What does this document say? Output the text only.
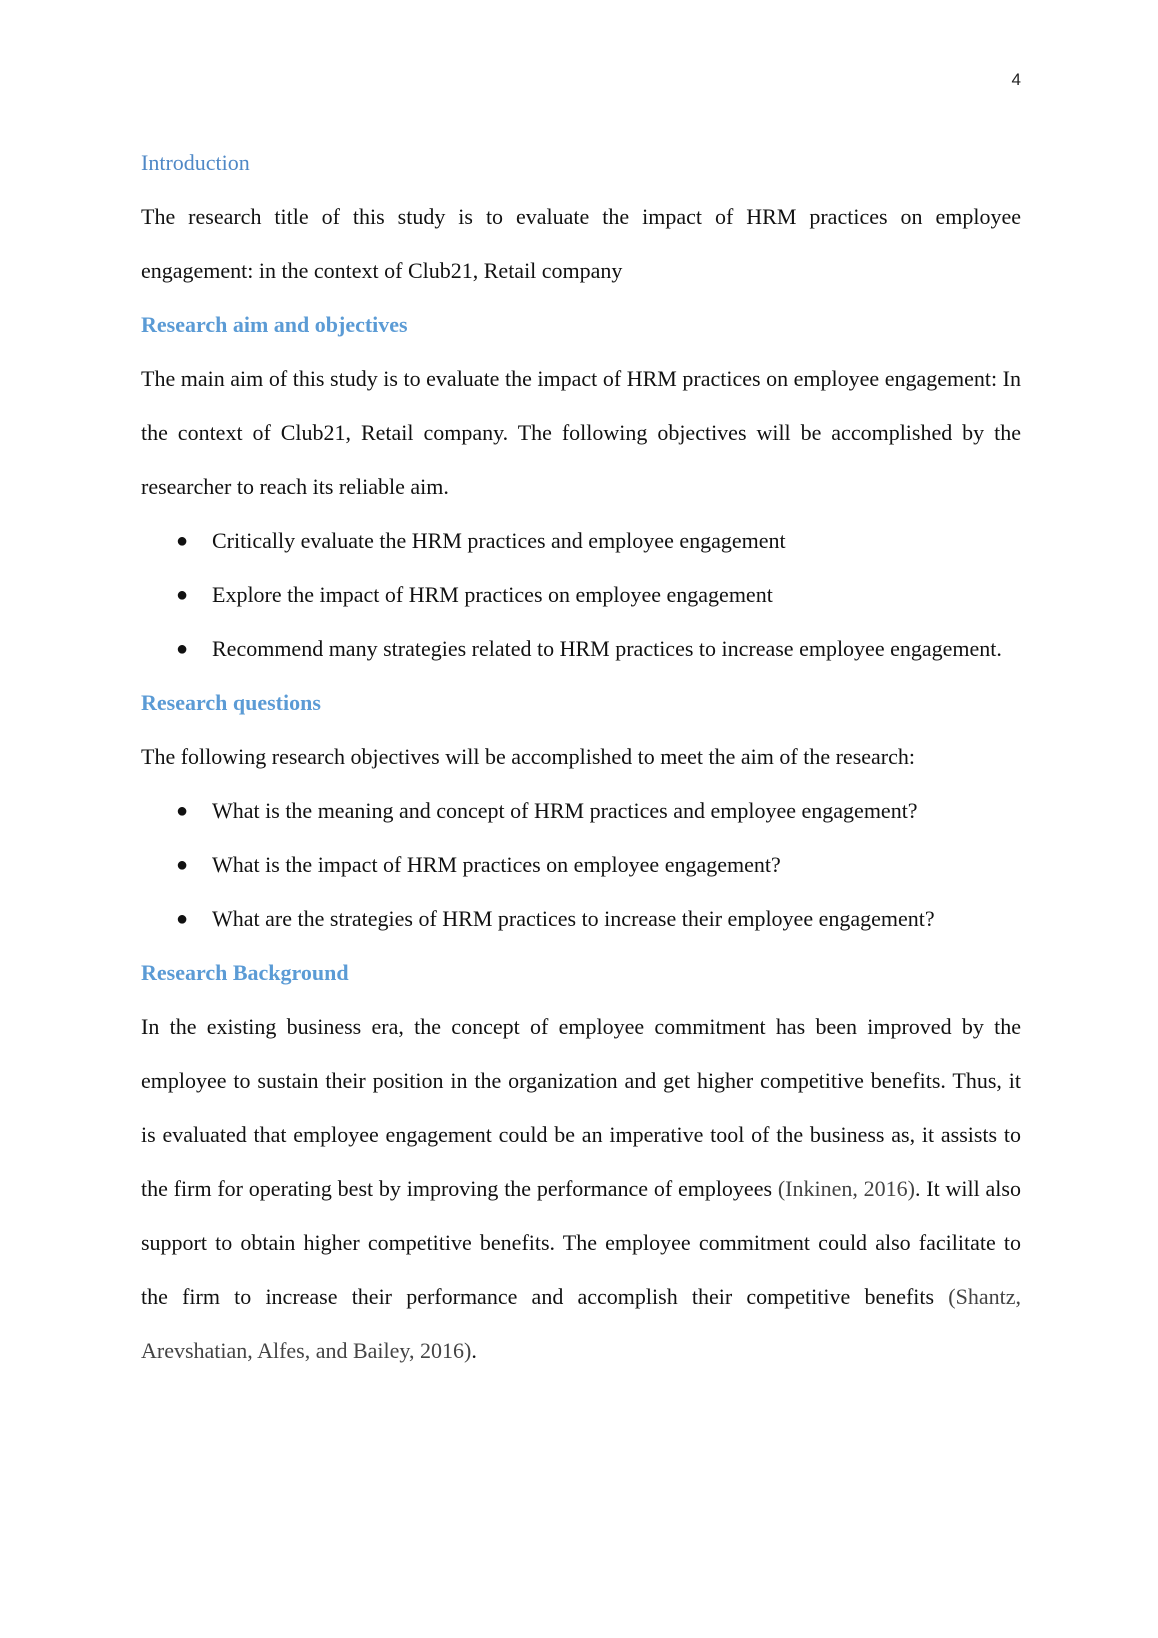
4
Introduction

The research title of this study is to evaluate the impact of HRM practices on employee engagement: in the context of Club21, Retail company

Research aim and objectives

The main aim of this study is to evaluate the impact of HRM practices on employee engagement: In the context of Club21, Retail company. The following objectives will be accomplished by the researcher to reach its reliable aim.

● Critically evaluate the HRM practices and employee engagement
● Explore the impact of HRM practices on employee engagement
● Recommend many strategies related to HRM practices to increase employee engagement.
Research questions

The following research objectives will be accomplished to meet the aim of the research:

● What is the meaning and concept of HRM practices and employee engagement?
● What is the impact of HRM practices on employee engagement?
● What are the strategies of HRM practices to increase their employee engagement?
Research Background

In the existing business era, the concept of employee commitment has been improved by the employee to sustain their position in the organization and get higher competitive benefits. Thus, it is evaluated that employee engagement could be an imperative tool of the business as, it assists to the firm for operating best by improving the performance of employees (Inkinen, 2016). It will also support to obtain higher competitive benefits. The employee commitment could also facilitate to the firm to increase their performance and accomplish their competitive benefits (Shantz, Arevshatian, Alfes, and Bailey, 2016).
